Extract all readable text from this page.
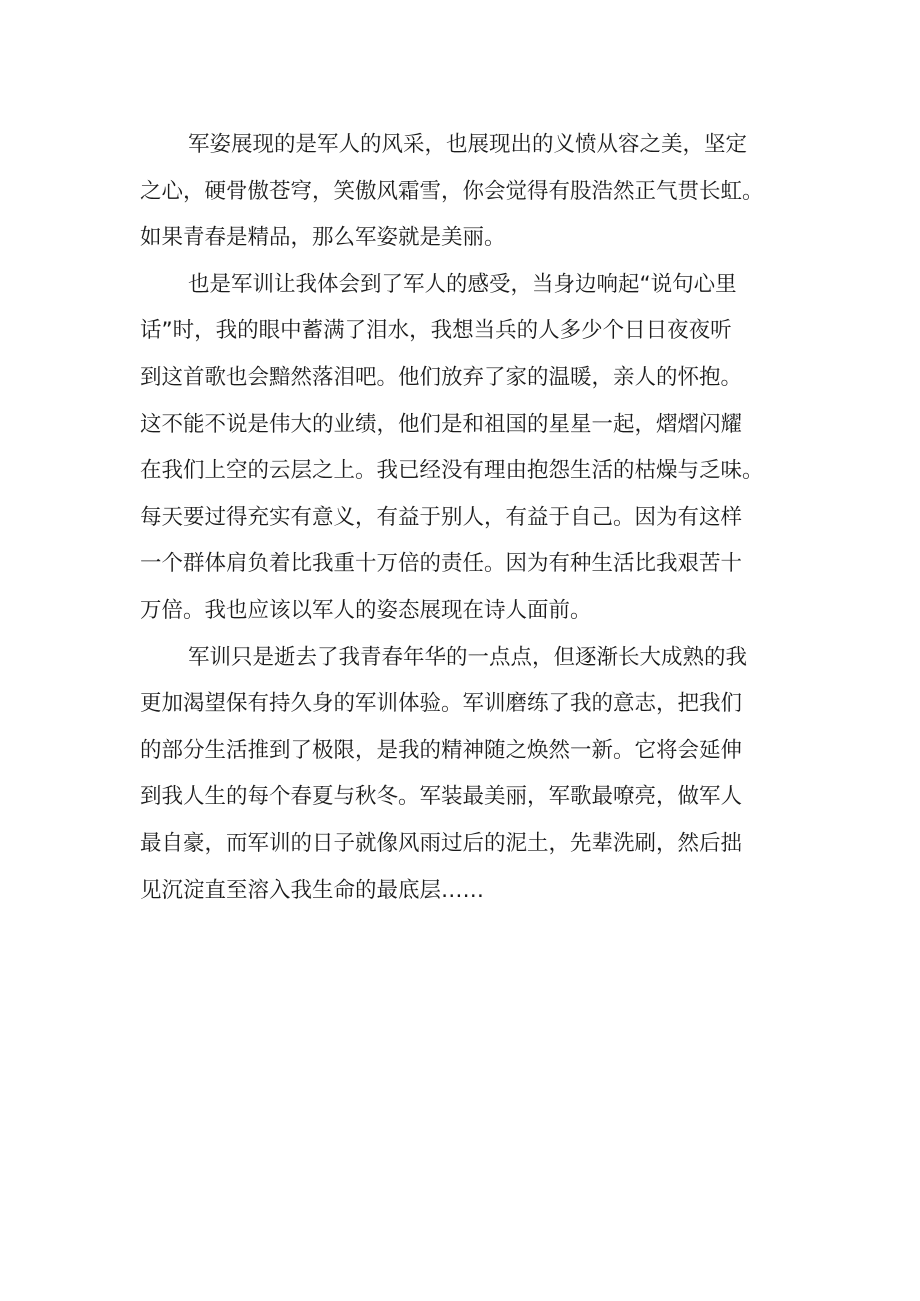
军姿展现的是军人的风采，也展现出的义愤从容之美，坚定
之心，硬骨傲苍穹，笑傲风霜雪，你会觉得有股浩然正气贯长虹。
如果青春是精品，那么军姿就是美丽。
也是军训让我体会到了军人的感受，当身边响起“说句心里
话”时，我的眼中蓄满了泪水，我想当兵的人多少个日日夜夜听
到这首歌也会黯然落泪吧。他们放弃了家的温暖，亲人的怀抱。
这不能不说是伟大的业绩，他们是和祖国的星星一起，熠熠闪耀
在我们上空的云层之上。我已经没有理由抱怨生活的枯燥与乏味。
每天要过得充实有意义，有益于别人，有益于自己。因为有这样
一个群体肩负着比我重十万倍的责任。因为有种生活比我艰苦十
万倍。我也应该以军人的姿态展现在诗人面前。
军训只是逝去了我青春年华的一点点，但逐渐长大成熟的我
更加渴望保有持久身的军训体验。军训磨练了我的意志，把我们
的部分生活推到了极限，是我的精神随之焕然一新。它将会延伸
到我人生的每个春夏与秋冬。军装最美丽，军歌最嘹亮，做军人
最自豪，而军训的日子就像风雨过后的泥土，先辈洗刷，然后拙
见沉淀直至溶入我生命的最底层……
